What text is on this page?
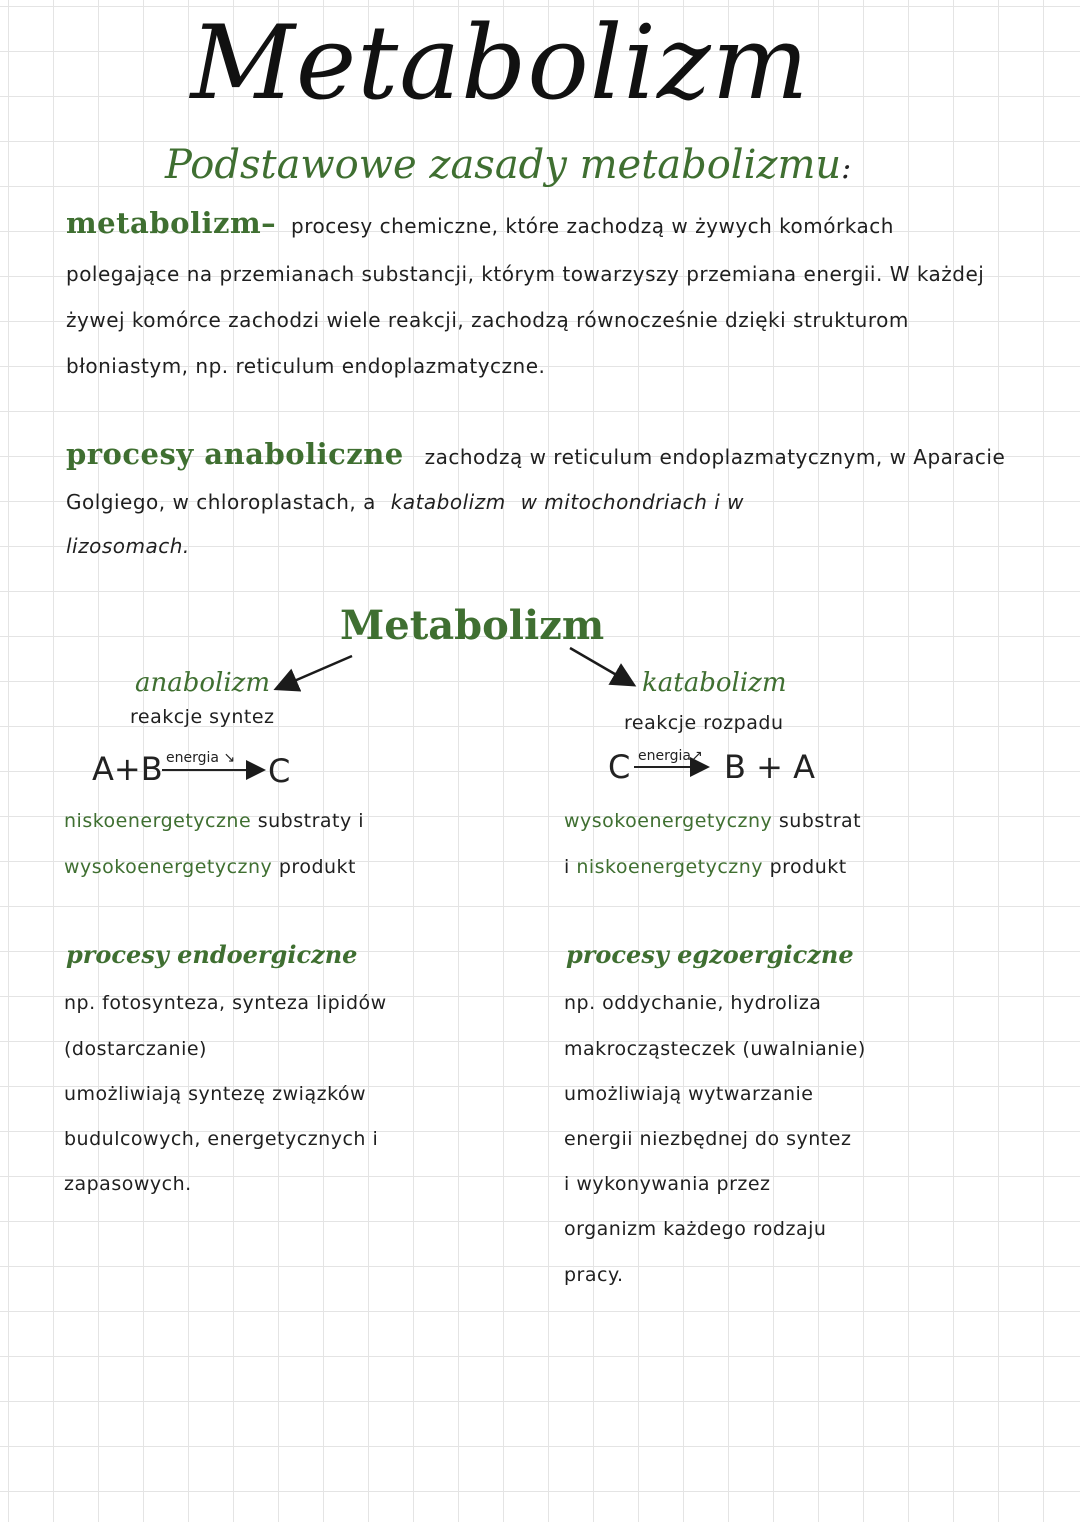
Metabolizm
Podstawowe zasady metabolizmu:
metabolizm– procesy chemiczne, które zachodzą w żywych komórkach
polegające na przemianach substancji, którym towarzyszy przemiana energii. W każdej
żywej komórce zachodzi wiele reakcji, zachodzą równocześnie dzięki strukturom
błoniastym, np. reticulum endoplazmatyczne.
procesy anaboliczne zachodzą w reticulum endoplazmatycznym, w Aparacie
Golgiego, w chloroplastach, a katabolizm w mitochondriach i w
lizosomach.
Metabolizm
anabolizm
reakcje syntez
A+B energia ↘ C
niskoenergetyczne substraty i
wysokoenergetyczny produkt
procesy endoergiczne
np. fotosynteza, synteza lipidów
(dostarczanie)
umożliwiają syntezę związków
budulcowych, energetycznych i
zapasowych.
katabolizm
reakcje rozpadu
C energia↗ B + A
wysokoenergetyczny substrat
i niskoenergetyczny produkt
procesy egzoergiczne
np. oddychanie, hydroliza
makrocząsteczek (uwalnianie)
umożliwiają wytwarzanie
energii niezbędnej do syntez
i wykonywania przez
organizm każdego rodzaju
pracy.
